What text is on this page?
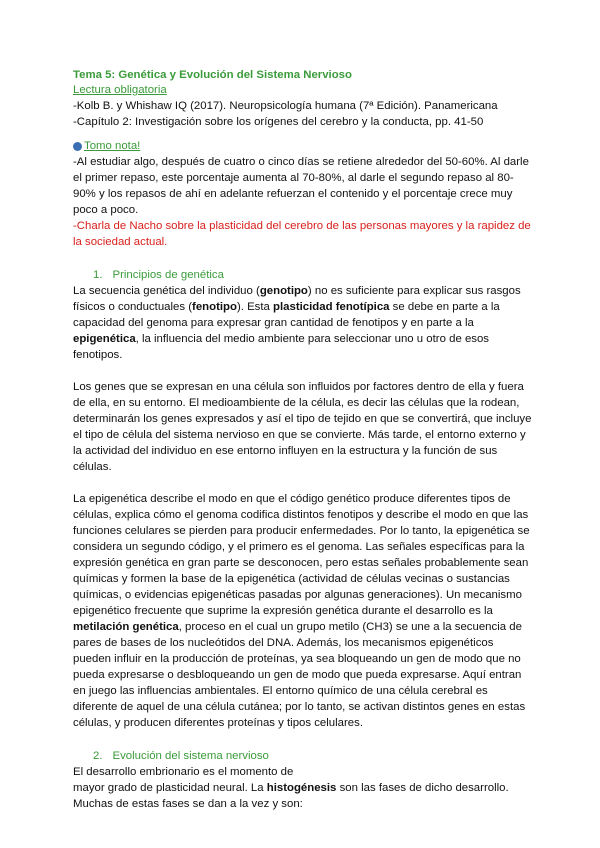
Tema 5: Genética y Evolución del Sistema Nervioso

Lectura obligatoria

-Kolb B. y Whishaw IQ (2017). Neuropsicología humana (7ª Edición). Panamericana

-Capítulo 2: Investigación sobre los orígenes del cerebro y la conducta, pp. 41-50

Tomo nota!

-Al estudiar algo, después de cuatro o cinco días se retiene alrededor del 50-60%. Al darle el primer repaso, este porcentaje aumenta al 70-80%, al darle el segundo repaso al 80-90% y los repasos de ahí en adelante refuerzan el contenido y el porcentaje crece muy poco a poco.

-Charla de Nacho sobre la plasticidad del cerebro de las personas mayores y la rapidez de la sociedad actual.

1. Principios de genética

La secuencia genética del individuo (genotipo) no es suficiente para explicar sus rasgos físicos o conductuales (fenotipo). Esta plasticidad fenotípica se debe en parte a la capacidad del genoma para expresar gran cantidad de fenotipos y en parte a la epigenética, la influencia del medio ambiente para seleccionar uno u otro de esos fenotipos.

Los genes que se expresan en una célula son influidos por factores dentro de ella y fuera de ella, en su entorno. El medioambiente de la célula, es decir las células que la rodean, determinarán los genes expresados y así el tipo de tejido en que se convertirá, que incluye el tipo de célula del sistema nervioso en que se convierte. Más tarde, el entorno externo y la actividad del individuo en ese entorno influyen en la estructura y la función de sus células.

La epigenética describe el modo en que el código genético produce diferentes tipos de células, explica cómo el genoma codifica distintos fenotipos y describe el modo en que las funciones celulares se pierden para producir enfermedades. Por lo tanto, la epigenética se considera un segundo código, y el primero es el genoma. Las señales específicas para la expresión genética en gran parte se desconocen, pero estas señales probablemente sean químicas y formen la base de la epigenética (actividad de células vecinas o sustancias químicas, o evidencias epigenéticas pasadas por algunas generaciones). Un mecanismo epigenético frecuente que suprime la expresión genética durante el desarrollo es la metilación genética, proceso en el cual un grupo metilo (CH3) se une a la secuencia de pares de bases de los nucleótidos del DNA. Además, los mecanismos epigenéticos pueden influir en la producción de proteínas, ya sea bloqueando un gen de modo que no pueda expresarse o desbloqueando un gen de modo que pueda expresarse. Aquí entran en juego las influencias ambientales. El entorno químico de una célula cerebral es diferente de aquel de una célula cutánea; por lo tanto, se activan distintos genes en estas células, y producen diferentes proteínas y tipos celulares.

2. Evolución del sistema nervioso

El desarrollo embrionario es el momento de

mayor grado de plasticidad neural. La histogénesis son las fases de dicho desarrollo.

Muchas de estas fases se dan a la vez y son:
